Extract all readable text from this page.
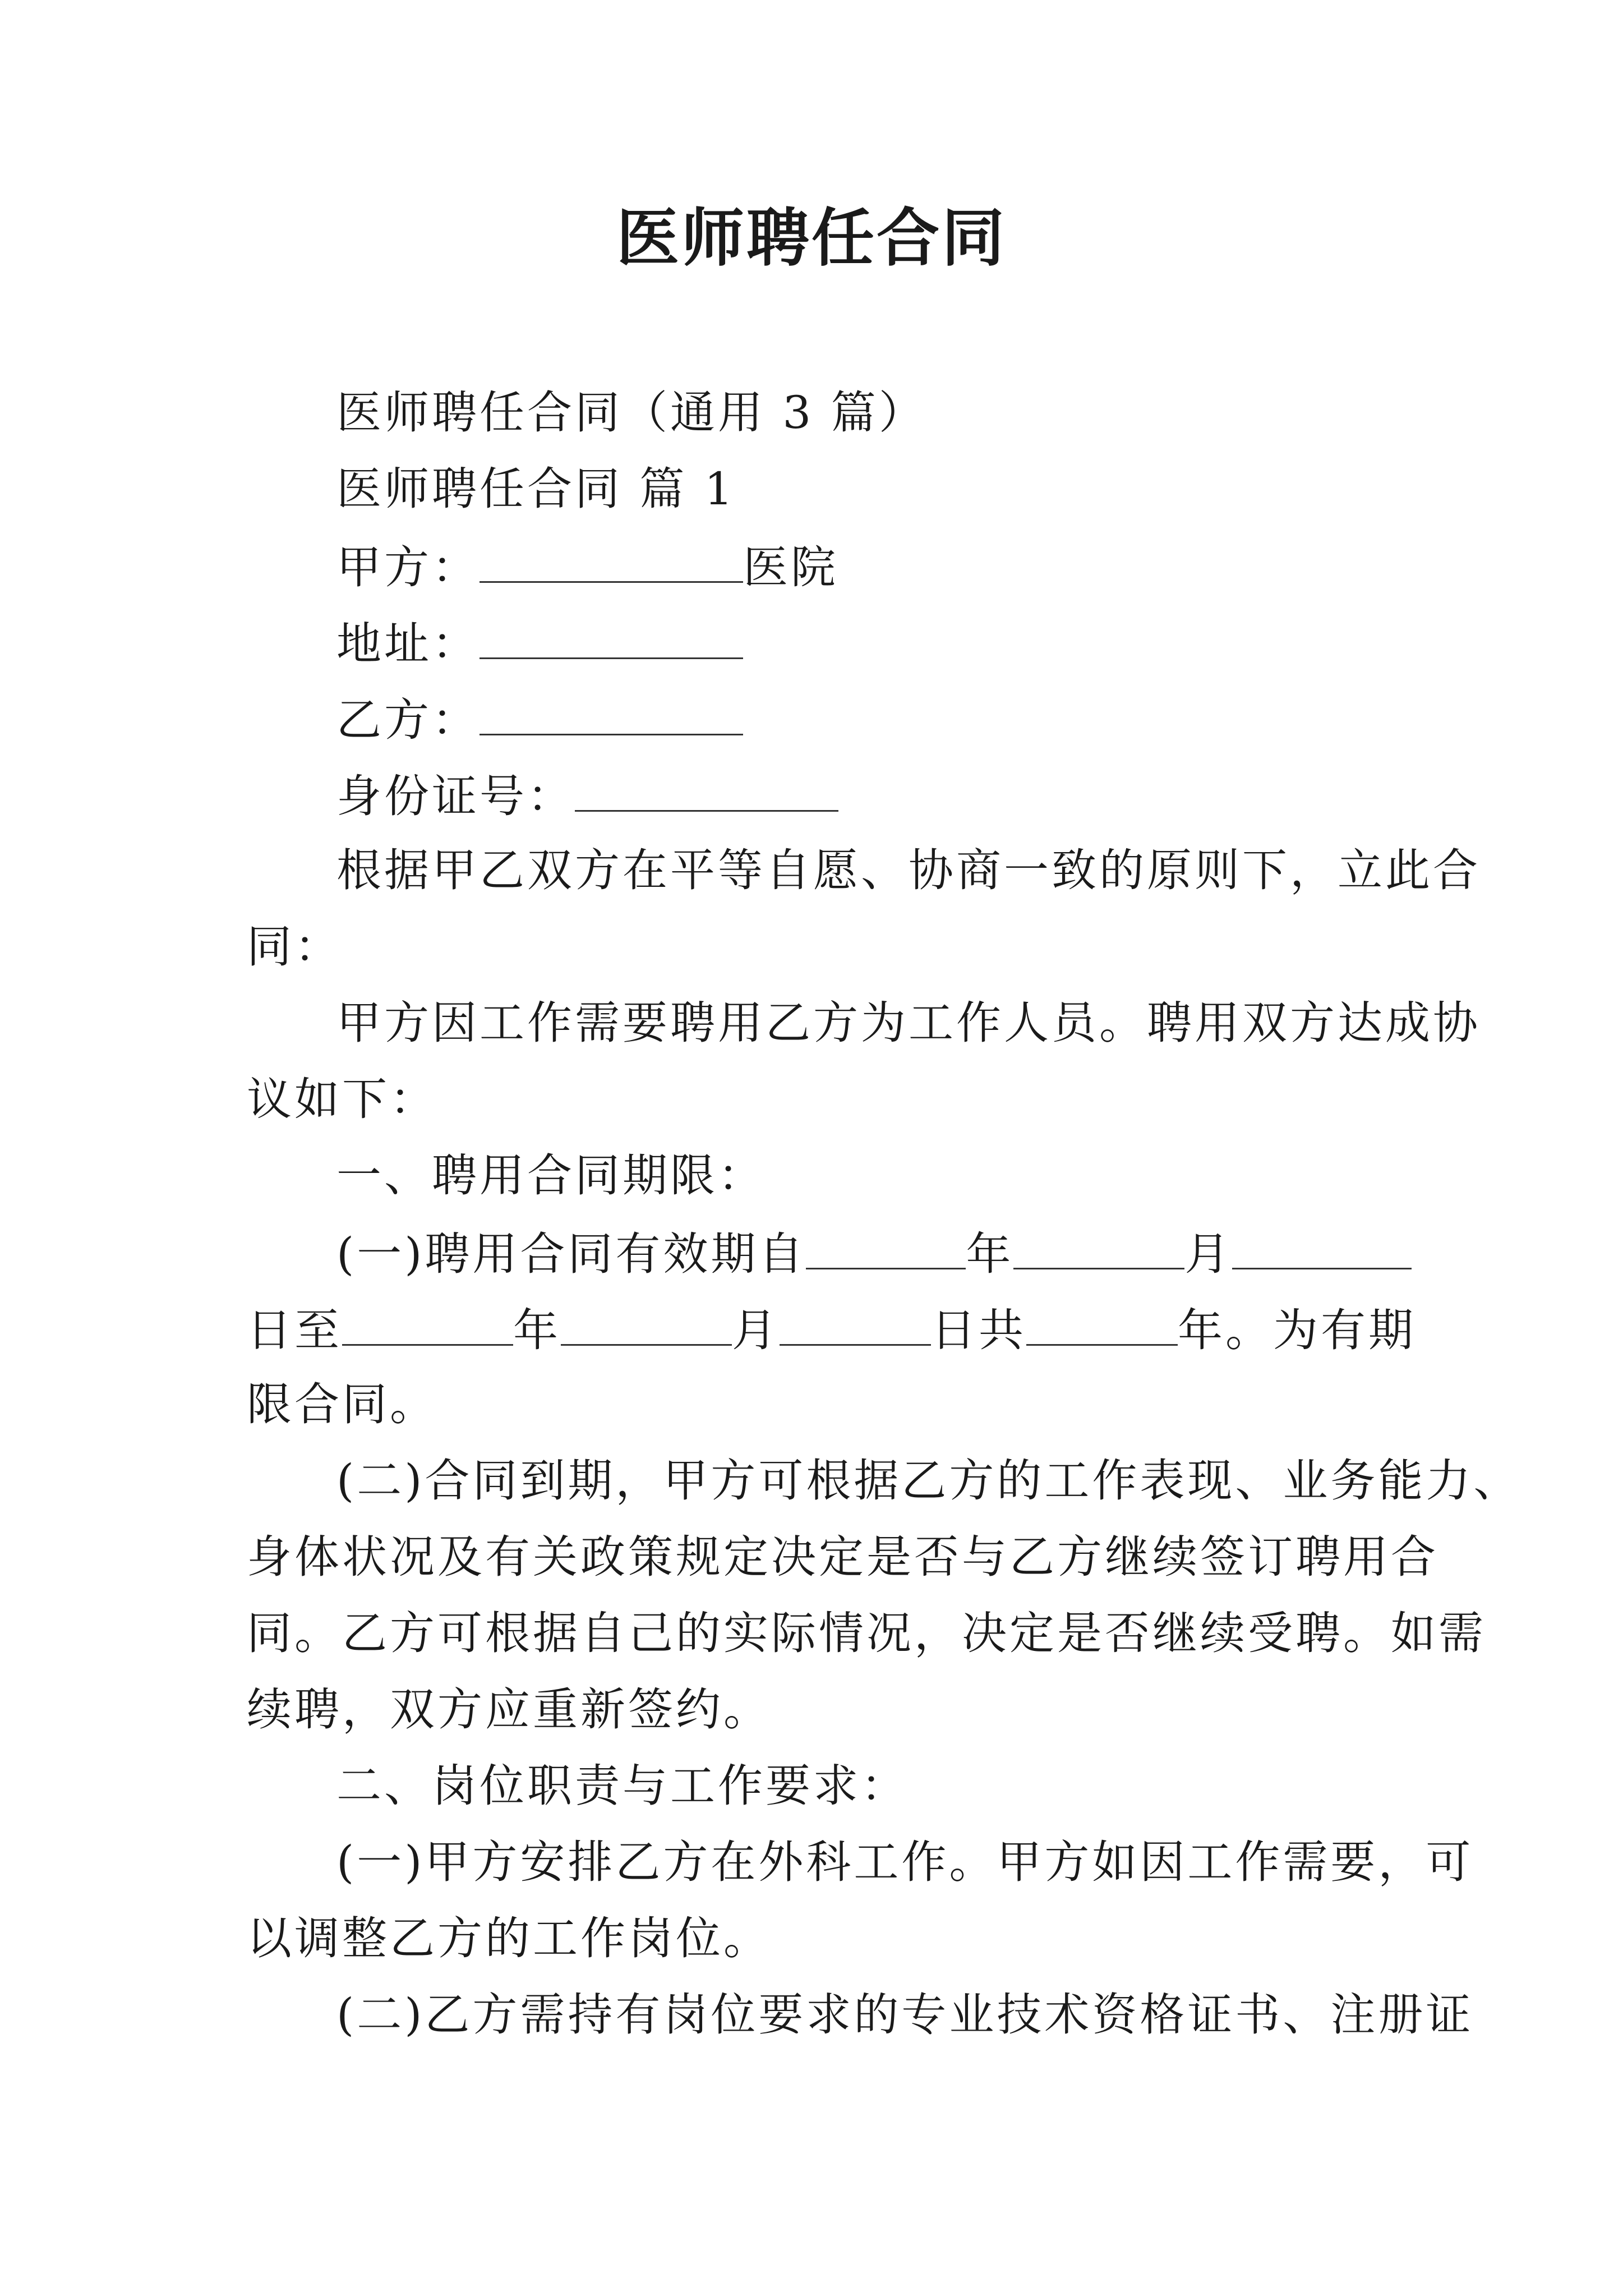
医师聘任合同
医师聘任合同（通用 3 篇）
医师聘任合同 篇 1
甲方：	医院
地址：
乙方：
身份证号：
根据甲乙双方在平等自愿、协商一致的原则下，立此合
同：
甲方因工作需要聘用乙方为工作人员。聘用双方达成协
议如下：
一、聘用合同期限：
(一)聘用合同有效期自	年	月
日至	年	月	日共	年。为有期
限合同。
(二)合同到期，甲方可根据乙方的工作表现、业务能力、
身体状况及有关政策规定决定是否与乙方继续签订聘用合
同。乙方可根据自己的实际情况，决定是否继续受聘。如需
续聘，双方应重新签约。
二、岗位职责与工作要求：
(一)甲方安排乙方在外科工作。甲方如因工作需要，可
以调整乙方的工作岗位。
(二)乙方需持有岗位要求的专业技术资格证书、注册证
